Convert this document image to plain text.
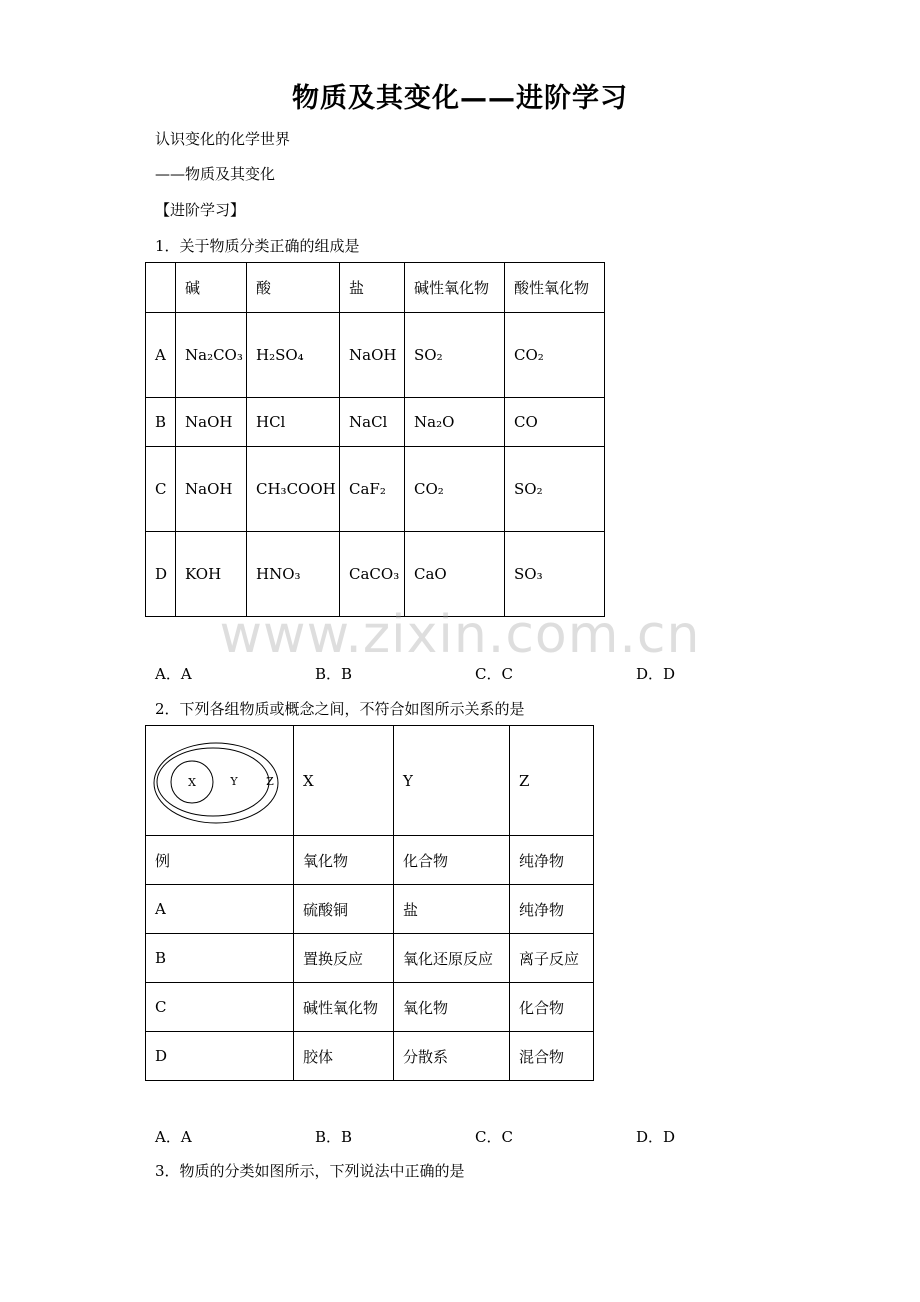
物质及其变化——进阶学习
认识变化的化学世界
——物质及其变化
【进阶学习】
1．关于物质分类正确的组成是
	碱	酸	盐	碱性氧化物	酸性氧化物
A	Na₂CO₃	H₂SO₄	NaOH	SO₂	CO₂
B	NaOH	HCl	NaCl	Na₂O	CO
C	NaOH	CH₃COOH	CaF₂	CO₂	SO₂
D	KOH	HNO₃	CaCO₃	CaO	SO₃
www.zixin.com.cn
A．A	B．B	C．C	D．D
2．下列各组物质或概念之间，不符合如图所示关系的是
X Y Z	X	Y	Z
例	氧化物	化合物	纯净物
A	硫酸铜	盐	纯净物
B	置换反应	氧化还原反应	离子反应
C	碱性氧化物	氧化物	化合物
D	胶体	分散系	混合物
A．A	B．B	C．C	D．D
3．物质的分类如图所示，下列说法中正确的是
